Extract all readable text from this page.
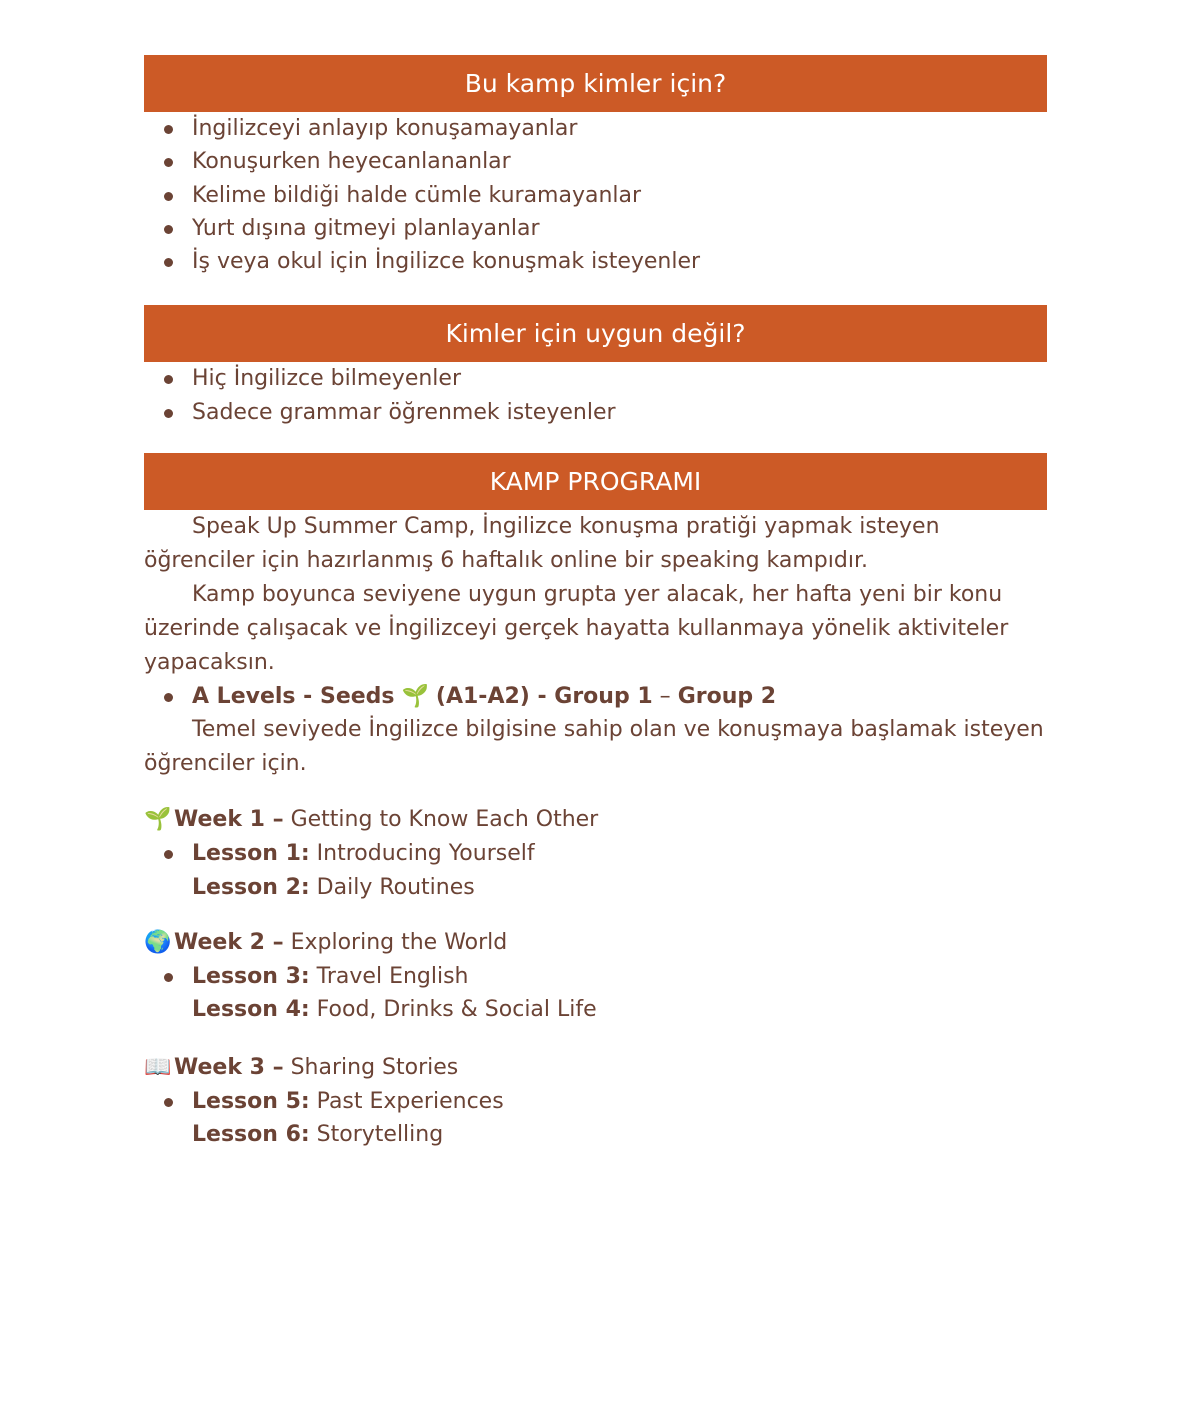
Bu kamp kimler için?
İngilizceyi anlayıp konuşamayanlar
Konuşurken heyecanlananlar
Kelime bildiği halde cümle kuramayanlar
Yurt dışına gitmeyi planlayanlar
İş veya okul için İngilizce konuşmak isteyenler
Kimler için uygun değil?
Hiç İngilizce bilmeyenler
Sadece grammar öğrenmek isteyenler
KAMP PROGRAMI

Speak Up Summer Camp, İngilizce konuşma pratiği yapmak isteyen öğrenciler için hazırlanmış 6 haftalık online bir speaking kampıdır.

Kamp boyunca seviyene uygun grupta yer alacak, her hafta yeni bir konu üzerinde çalışacak ve İngilizceyi gerçek hayatta kullanmaya yönelik aktiviteler yapacaksın.

A Levels - Seeds 🌱 (A1-A2) - Group 1 – Group 2

Temel seviyede İngilizce bilgisine sahip olan ve konuşmaya başlamak isteyen öğrenciler için.

🌱 Week 1 – Getting to Know Each Other
Lesson 1: Introducing Yourself
Lesson 2: Daily Routines
🌍 Week 2 – Exploring the World
Lesson 3: Travel English
Lesson 4: Food, Drinks & Social Life
📖 Week 3 – Sharing Stories
Lesson 5: Past Experiences
Lesson 6: Storytelling
